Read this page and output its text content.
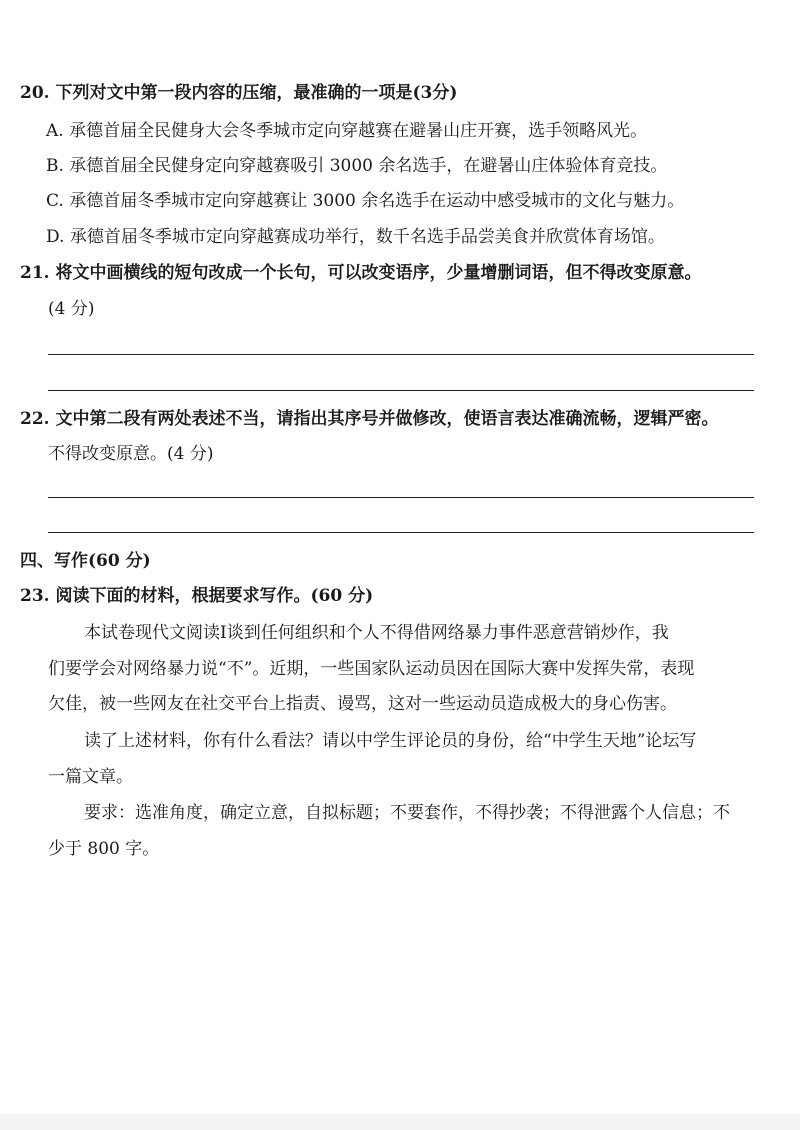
20. 下列对文中第一段内容的压缩，最准确的一项是(3分)
A. 承德首届全民健身大会冬季城市定向穿越赛在避暑山庄开赛，选手领略风光。
B. 承德首届全民健身定向穿越赛吸引 3000 余名选手，在避暑山庄体验体育竞技。
C. 承德首届冬季城市定向穿越赛让 3000 余名选手在运动中感受城市的文化与魅力。
D. 承德首届冬季城市定向穿越赛成功举行，数千名选手品尝美食并欣赏体育场馆。
21. 将文中画横线的短句改成一个长句，可以改变语序，少量增删词语，但不得改变原意。
(4 分)
22. 文中第二段有两处表述不当，请指出其序号并做修改，使语言表达准确流畅，逻辑严密。
不得改变原意。(4 分)
四、写作(60 分)
23. 阅读下面的材料，根据要求写作。(60 分)
本试卷现代文阅读Ⅰ谈到任何组织和个人不得借网络暴力事件恶意营销炒作，我
们要学会对网络暴力说“不”。近期，一些国家队运动员因在国际大赛中发挥失常，表现
欠佳，被一些网友在社交平台上指责、谩骂，这对一些运动员造成极大的身心伤害。
读了上述材料，你有什么看法？请以中学生评论员的身份，给“中学生天地”论坛写
一篇文章。
要求：选准角度，确定立意，自拟标题；不要套作，不得抄袭；不得泄露个人信息；不
少于 800 字。
